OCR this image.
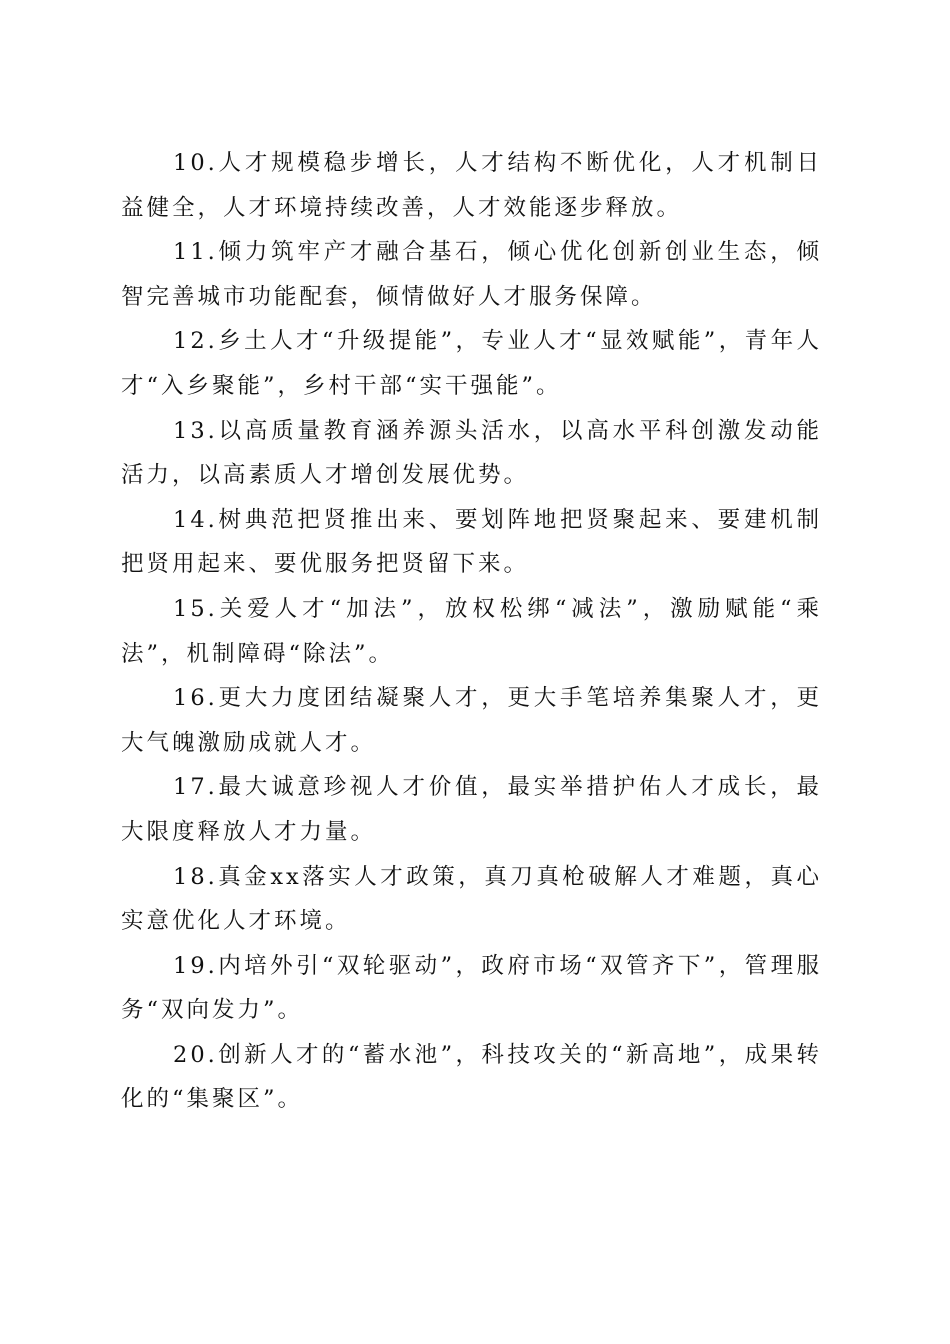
10.人才规模稳步增长，人才结构不断优化，人才机制日益健全，人才环境持续改善，人才效能逐步释放。

11.倾力筑牢产才融合基石，倾心优化创新创业生态，倾智完善城市功能配套，倾情做好人才服务保障。

12.乡土人才“升级提能”，专业人才“显效赋能”，青年人才“入乡聚能”，乡村干部“实干强能”。

13.以高质量教育涵养源头活水，以高水平科创激发动能活力，以高素质人才增创发展优势。

14.树典范把贤推出来、要划阵地把贤聚起来、要建机制把贤用起来、要优服务把贤留下来。

15.关爱人才“加法”，放权松绑“减法”，激励赋能“乘法”，机制障碍“除法”。

16.更大力度团结凝聚人才，更大手笔培养集聚人才，更大气魄激励成就人才。

17.最大诚意珍视人才价值，最实举措护佑人才成长，最大限度释放人才力量。

18.真金xx落实人才政策，真刀真枪破解人才难题，真心实意优化人才环境。

19.内培外引“双轮驱动”，政府市场“双管齐下”，管理服务“双向发力”。

20.创新人才的“蓄水池”，科技攻关的“新高地”，成果转化的“集聚区”。
